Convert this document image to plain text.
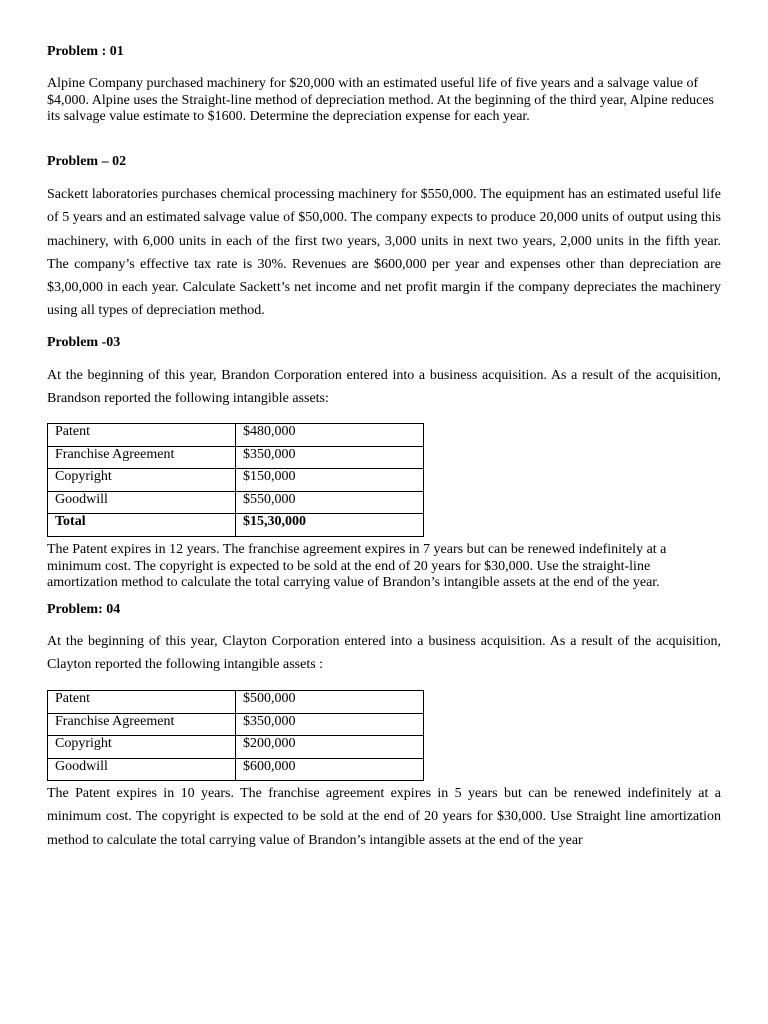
Problem : 01

Alpine Company purchased machinery for $20,000 with an estimated useful life of five years and a salvage value of $4,000. Alpine uses the Straight-line method of depreciation method. At the beginning of the third year, Alpine reduces its salvage value estimate to $1600. Determine the depreciation expense for each year.

Problem – 02

Sackett laboratories purchases chemical processing machinery for $550,000. The equipment has an estimated useful life of 5 years and an estimated salvage value of $50,000. The company expects to produce 20,000 units of output using this machinery, with 6,000 units in each of the first two years, 3,000 units in next two years, 2,000 units in the fifth year. The company’s effective tax rate is 30%. Revenues are $600,000 per year and expenses other than depreciation are $3,00,000 in each year. Calculate Sackett’s net income and net profit margin if the company depreciates the machinery using all types of depreciation method.

Problem -03

At the beginning of this year, Brandon Corporation entered into a business acquisition. As a result of the acquisition, Brandson reported the following intangible assets:

Patent	$480,000
Franchise Agreement	$350,000
Copyright	$150,000
Goodwill	$550,000
Total	$15,30,000

The Patent expires in 12 years. The franchise agreement expires in 7 years but can be renewed indefinitely at a minimum cost. The copyright is expected to be sold at the end of 20 years for $30,000. Use the straight-line amortization method to calculate the total carrying value of Brandon’s intangible assets at the end of the year.

Problem: 04

At the beginning of this year, Clayton Corporation entered into a business acquisition. As a result of the acquisition, Clayton reported the following intangible assets :

Patent	$500,000
Franchise Agreement	$350,000
Copyright	$200,000
Goodwill	$600,000

The Patent expires in 10 years. The franchise agreement expires in 5 years but can be renewed indefinitely at a minimum cost. The copyright is expected to be sold at the end of 20 years for $30,000. Use Straight line amortization method to calculate the total carrying value of Brandon’s intangible assets at the end of the year
